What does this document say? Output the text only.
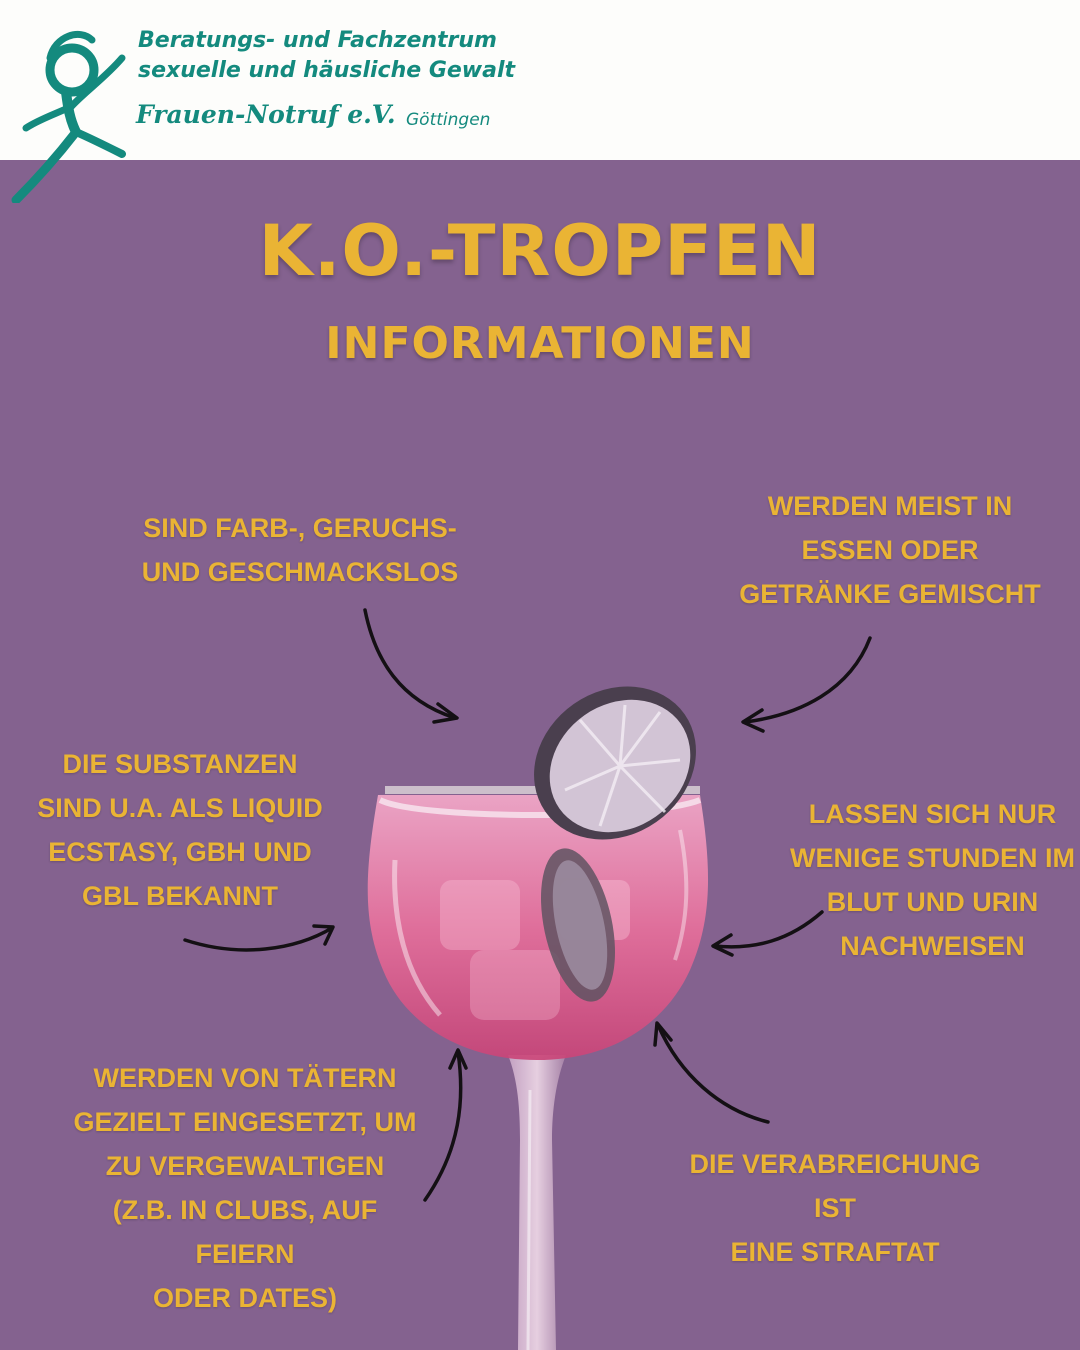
Beratungs- und Fachzentrum
sexuelle und häusliche Gewalt
Frauen-Notruf e.V. Göttingen
K.O.-TROPFEN
INFORMATIONEN
SIND FARB-, GERUCHS-
UND GESCHMACKSLOS
WERDEN MEIST IN
ESSEN ODER
GETRÄNKE GEMISCHT
DIE SUBSTANZEN
SIND U.A. ALS LIQUID
ECSTASY, GBH UND
GBL BEKANNT
LASSEN SICH NUR
WENIGE STUNDEN IM
BLUT UND URIN
NACHWEISEN
WERDEN VON TÄTERN
GEZIELT EINGESETZT, UM
ZU VERGEWALTIGEN
(Z.B. IN CLUBS, AUF FEIERN
ODER DATES)
DIE VERABREICHUNG IST
EINE STRAFTAT
